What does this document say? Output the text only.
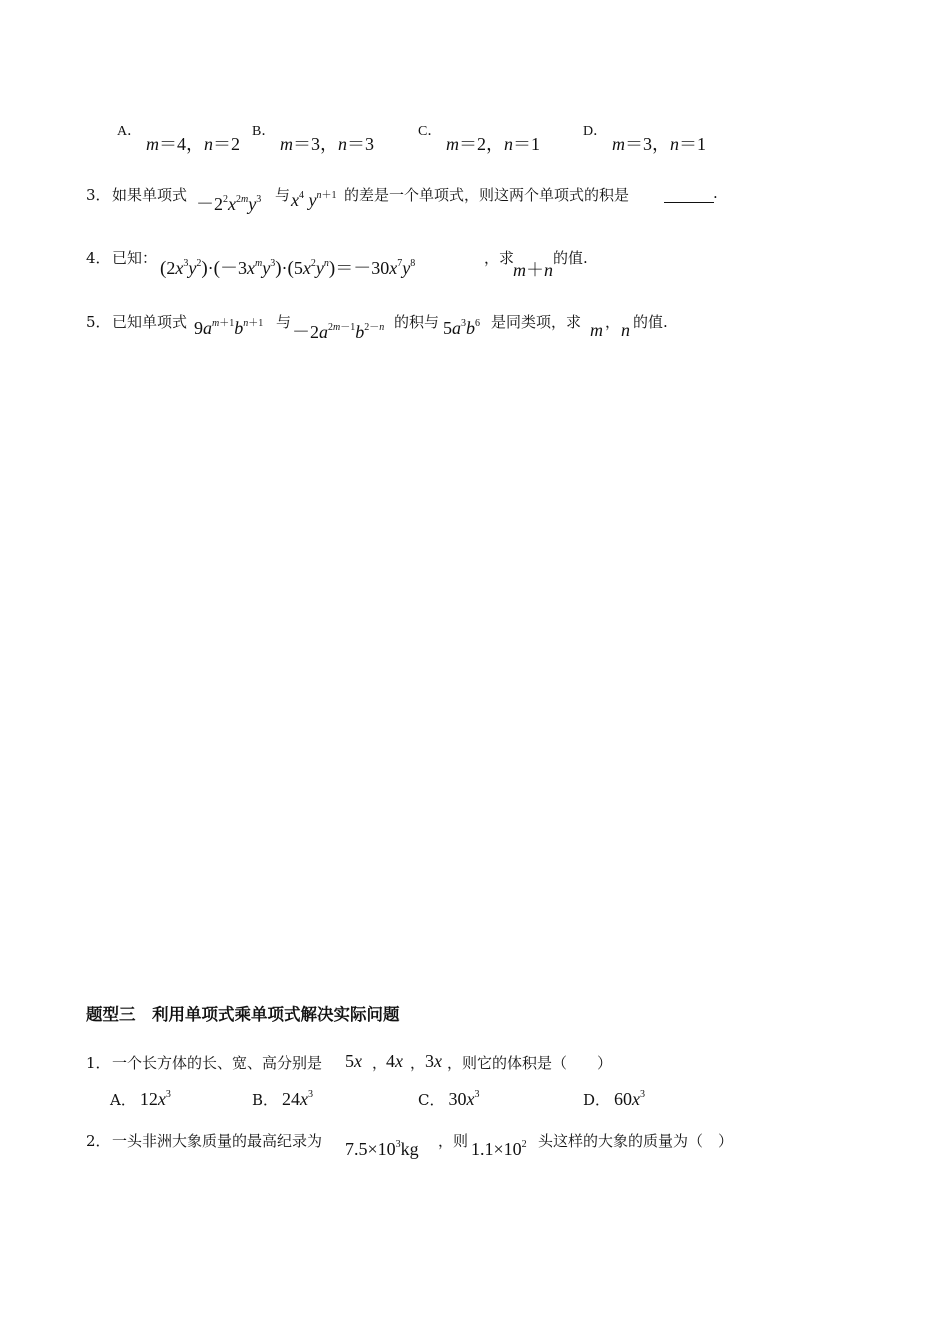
A．
m＝4，n＝2
B．
m＝3，n＝3
C．
m＝2，n＝1
D．
m＝3，n＝1
3． 如果单项式 $-2^2x^{2m}y^3$ 与 $x^4$ $y^{n+1}$ 的差是一个单项式，则这两个单项式的积是	.
4． 已知： $(2x^3y^2)\cdot(-3x^my^3)\cdot(5x^2y^n)=-30x^7y^8$	，求
m＋n
的值.
5． 已知单项式 $9a^{m+1}b^{n+1}$ 与 $-2a^{2m-1}b^{2-n}$ 的积与 $5a^3b^6$ 是同类项，求 m ， n 的值.
题型三　利用单项式乘单项式解决实际问题
1． 一个长方体的长、宽、高分别是 5x ，
4x ， 3x ，则它的体积是（　　）
A． $12x^3$	B． $24x^3$	C． $30x^3$	D． $60x^3$
2． 一头非洲大象质量的最高纪录为 $7.5\times 10^3kg$ ，则 $1.1\times 10^2$ 头这样的大象的质量为（　）
